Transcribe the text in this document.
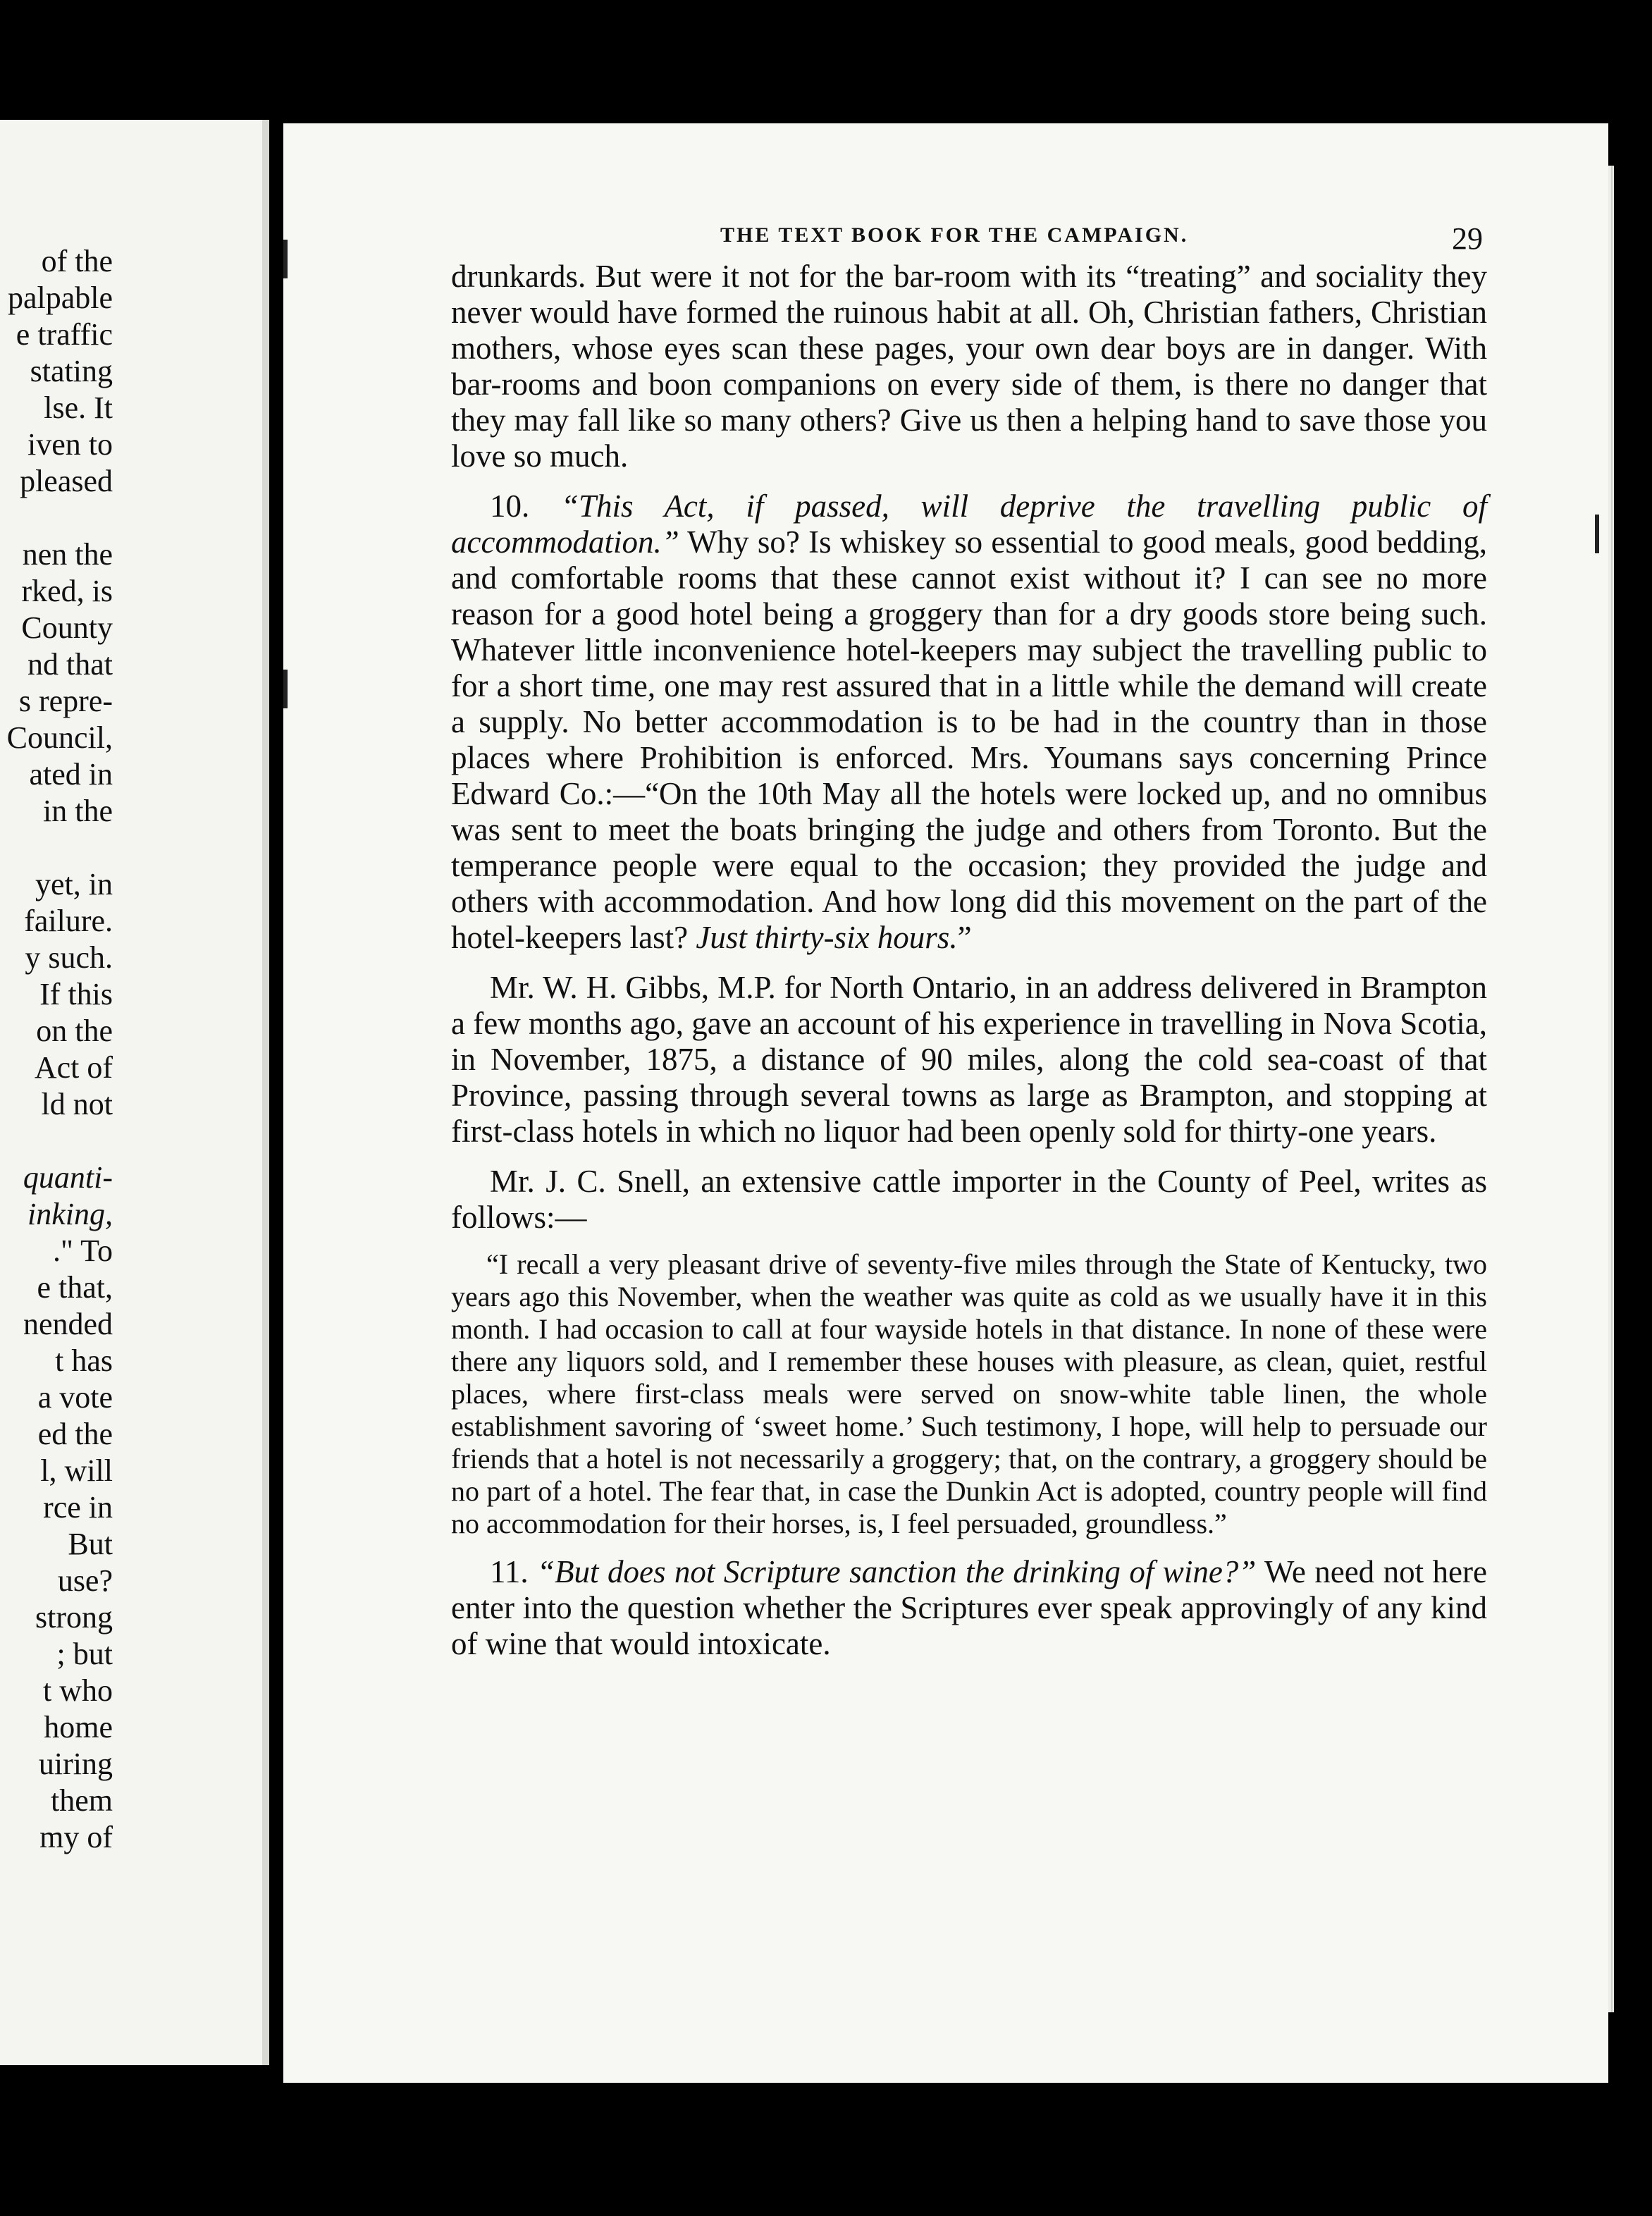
of the
palpable
e traffic
stating
lse. It
iven to
pleased
nen the
rked, is
County
nd that
s repre-
Council,
ated in
in the
yet, in
failure.
y such.
If this
on the
Act of
ld not
quanti-
inking,
." To
e that,
nended
t has
a vote
ed the
l, will
rce in
But
use?
strong
; but
t who
home
uiring
them
my of
THE TEXT BOOK FOR THE CAMPAIGN.	29

drunkards. But were it not for the bar-room with its “treating” and sociality they never would have formed the ruinous habit at all. Oh, Christian fathers, Christian mothers, whose eyes scan these pages, your own dear boys are in danger. With bar-rooms and boon companions on every side of them, is there no danger that they may fall like so many others? Give us then a helping hand to save those you love so much.

10. “This Act, if passed, will deprive the travelling public of accommodation.” Why so? Is whiskey so essential to good meals, good bedding, and comfortable rooms that these cannot exist without it? I can see no more reason for a good hotel being a groggery than for a dry goods store being such. Whatever little inconvenience hotel-keepers may subject the travelling public to for a short time, one may rest assured that in a little while the demand will create a supply. No better accommodation is to be had in the country than in those places where Prohibition is enforced. Mrs. Youmans says concerning Prince Edward Co.:—“On the 10th May all the hotels were locked up, and no omnibus was sent to meet the boats bringing the judge and others from Toronto. But the temperance people were equal to the occasion; they provided the judge and others with accommodation. And how long did this movement on the part of the hotel-keepers last? Just thirty-six hours.”

Mr. W. H. Gibbs, M.P. for North Ontario, in an address delivered in Brampton a few months ago, gave an account of his experience in travelling in Nova Scotia, in November, 1875, a distance of 90 miles, along the cold sea-coast of that Province, passing through several towns as large as Brampton, and stopping at first-class hotels in which no liquor had been openly sold for thirty-one years.

Mr. J. C. Snell, an extensive cattle importer in the County of Peel, writes as follows:—

“I recall a very pleasant drive of seventy-five miles through the State of Kentucky, two years ago this November, when the weather was quite as cold as we usually have it in this month. I had occasion to call at four wayside hotels in that distance. In none of these were there any liquors sold, and I remember these houses with pleasure, as clean, quiet, restful places, where first-class meals were served on snow-white table linen, the whole establishment savoring of ‘sweet home.’ Such testimony, I hope, will help to persuade our friends that a hotel is not necessarily a groggery; that, on the contrary, a groggery should be no part of a hotel. The fear that, in case the Dunkin Act is adopted, country people will find no accommodation for their horses, is, I feel persuaded, groundless.”

11. “But does not Scripture sanction the drinking of wine?” We need not here enter into the question whether the Scriptures ever speak approvingly of any kind of wine that would intoxicate.
